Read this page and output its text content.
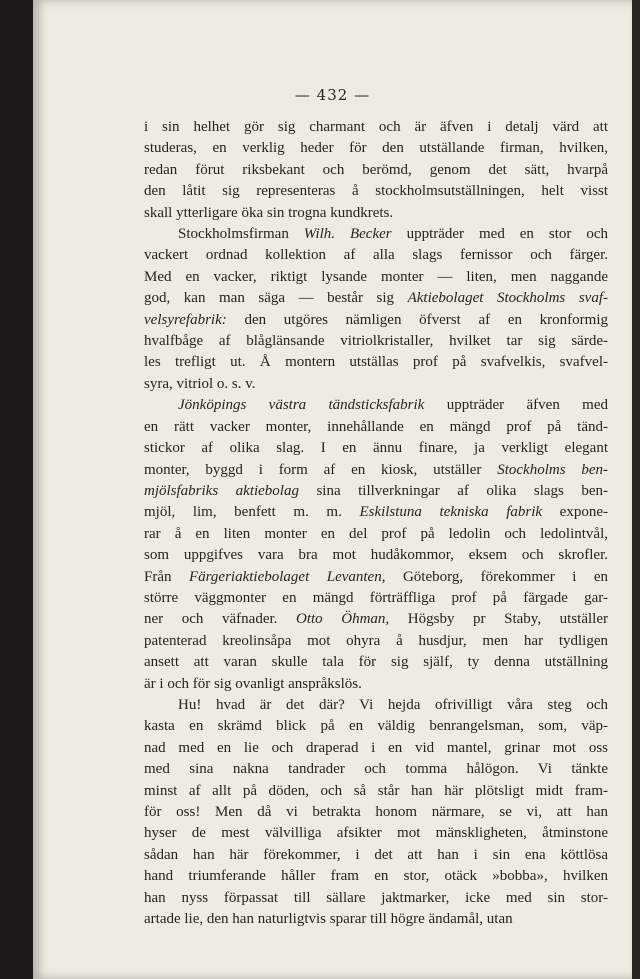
— 432 —
i sin helhet gör sig charmant och är äfven i detalj värd att
studeras, en verklig heder för den utställande firman, hvilken,
redan förut riksbekant och berömd, genom det sätt, hvarpå
den låtit sig representeras å stockholmsutställningen, helt visst
skall ytterligare öka sin trogna kundkrets.
Stockholmsfirman Wilh. Becker uppträder med en stor och
vackert ordnad kollektion af alla slags fernissor och färger.
Med en vacker, riktigt lysande monter — liten, men naggande
god, kan man säga — består sig Aktiebolaget Stockholms svaf-
velsyrefabrik: den utgöres nämligen öfverst af en kronformig
hvalfbåge af blåglänsande vitriolkristaller, hvilket tar sig särde-
les trefligt ut. Å montern utställas prof på svafvelkis, svafvel-
syra, vitriol o. s. v.
Jönköpings västra tändsticksfabrik uppträder äfven med
en rätt vacker monter, innehållande en mängd prof på tänd-
stickor af olika slag. I en ännu finare, ja verkligt elegant
monter, byggd i form af en kiosk, utställer Stockholms ben-
mjölsfabriks aktiebolag sina tillverkningar af olika slags ben-
mjöl, lim, benfett m. m. Eskilstuna tekniska fabrik expone-
rar å en liten monter en del prof på ledolin och ledolintvål,
som uppgifves vara bra mot hudåkommor, eksem och skrofler.
Från Färgeriaktiebolaget Levanten, Göteborg, förekommer i en
större väggmonter en mängd förträffliga prof på färgade gar-
ner och väfnader. Otto Öhman, Högsby pr Staby, utställer
patenterad kreolinsåpa mot ohyra å husdjur, men har tydligen
ansett att varan skulle tala för sig själf, ty denna utställning
är i och för sig ovanligt anspråkslös.
Hu! hvad är det där? Vi hejda ofrivilligt våra steg och
kasta en skrämd blick på en väldig benrangelsman, som, väp-
nad med en lie och draperad i en vid mantel, grinar mot oss
med sina nakna tandrader och tomma hålögon. Vi tänkte
minst af allt på döden, och så står han här plötsligt midt fram-
för oss! Men då vi betrakta honom närmare, se vi, att han
hyser de mest välvilliga afsikter mot mänskligheten, åtminstone
sådan han här förekommer, i det att han i sin ena köttlösa
hand triumferande håller fram en stor, otäck »bobba», hvilken
han nyss förpassat till sällare jaktmarker, icke med sin stor-
artade lie, den han naturligtvis sparar till högre ändamål, utan
